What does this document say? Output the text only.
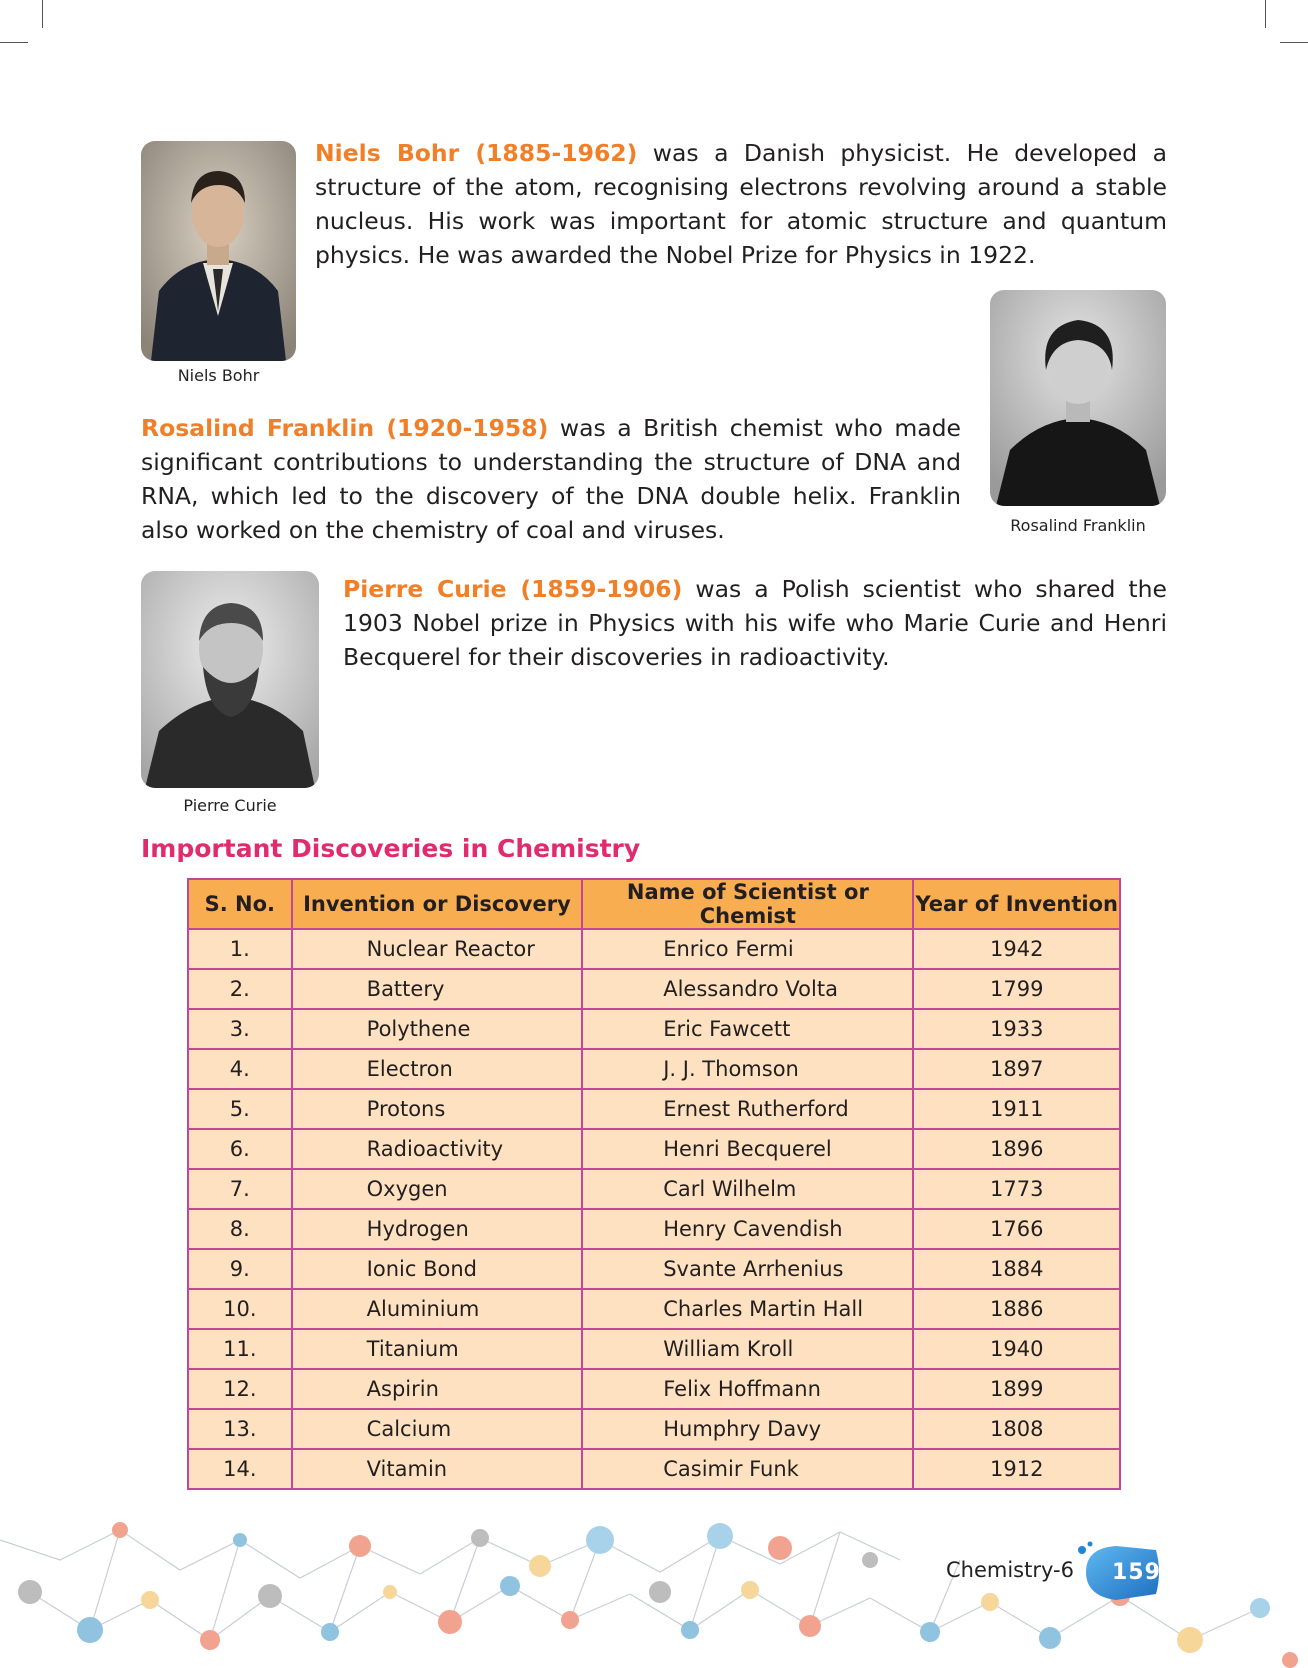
Niels Bohr

Niels Bohr (1885-1962) was a Danish physicist. He developed a structure of the atom, recognising electrons revolving around a stable nucleus. His work was important for atomic structure and quantum physics. He was awarded the Nobel Prize for Physics in 1922.

Rosalind Franklin

Rosalind Franklin (1920-1958) was a British chemist who made significant contributions to understanding the structure of DNA and RNA, which led to the discovery of the DNA double helix. Franklin also worked on the chemistry of coal and viruses.

Pierre Curie

Pierre Curie (1859-1906) was a Polish scientist who shared the 1903 Nobel prize in Physics with his wife who Marie Curie and Henri Becquerel for their discoveries in radioactivity.

Important Discoveries in Chemistry
S. No.	Invention or Discovery	Name of Scientist or Chemist	Year of Invention
1.	Nuclear Reactor	Enrico Fermi	1942
2.	Battery	Alessandro Volta	1799
3.	Polythene	Eric Fawcett	1933
4.	Electron	J. J. Thomson	1897
5.	Protons	Ernest Rutherford	1911
6.	Radioactivity	Henri Becquerel	1896
7.	Oxygen	Carl Wilhelm	1773
8.	Hydrogen	Henry Cavendish	1766
9.	Ionic Bond	Svante Arrhenius	1884
10.	Aluminium	Charles Martin Hall	1886
11.	Titanium	William Kroll	1940
12.	Aspirin	Felix Hoffmann	1899
13.	Calcium	Humphry Davy	1808
14.	Vitamin	Casimir Funk	1912
Chemistry-6 159
